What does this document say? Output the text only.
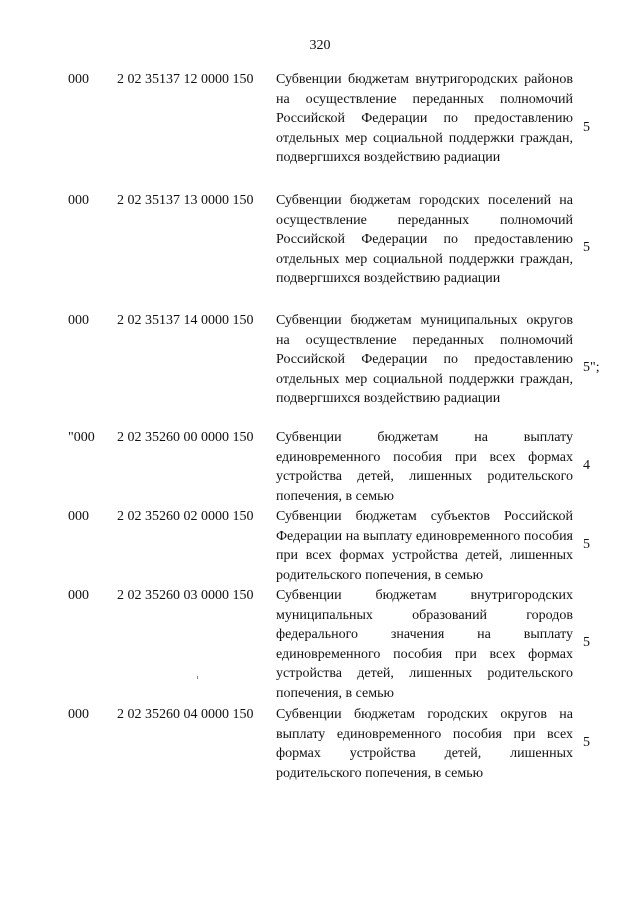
320
000	2 02 35137 12 0000 150	Субвенции бюджетам внутригородских районов на осуществление переданных полномочий Российской Федерации по предоставлению отдельных мер социальной поддержки граждан, подвергшихся воздействию радиации
5
000	2 02 35137 13 0000 150	Субвенции бюджетам городских поселений на осуществление переданных полномочий Российской Федерации по предоставлению отдельных мер социальной поддержки граждан, подвергшихся воздействию радиации
5
000	2 02 35137 14 0000 150	Субвенции бюджетам муниципальных округов на осуществление переданных полномочий Российской Федерации по предоставлению отдельных мер социальной поддержки граждан, подвергшихся воздействию радиации
5";
"000	2 02 35260 00 0000 150	Субвенции бюджетам на выплату единовременного пособия при всех формах устройства детей, лишенных родительского попечения, в семью
4
000	2 02 35260 02 0000 150	Субвенции бюджетам субъектов Российской Федерации на выплату единовременного пособия при всех формах устройства детей, лишенных родительского попечения, в семью
5
000	2 02 35260 03 0000 150	Субвенции бюджетам внутригородских муниципальных образований городов федерального значения на выплату единовременного пособия при всех формах устройства детей, лишенных родительского попечения, в семью
5
000	2 02 35260 04 0000 150	Субвенции бюджетам городских округов на выплату единовременного пособия при всех формах устройства детей, лишенных родительского попечения, в семью
5
